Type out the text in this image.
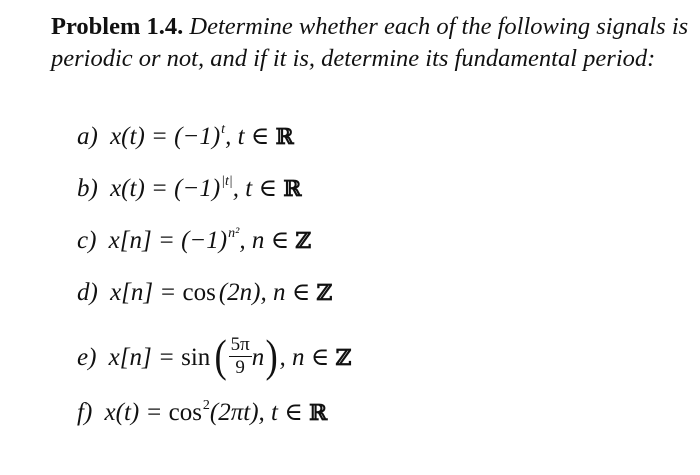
Problem 1.4. Determine whether each of the following signals is periodic or not, and if it is, determine its fundamental period:
a) $x(t) = (-1)^t$, t ∈ ℝ
b) $x(t) = (-1)^{|t|}$, t ∈ ℝ
c) $x[n] = (-1)^{n^2}$, n ∈ ℤ
d) x[n] = cos (2n), n ∈ ℤ
e) $x[n] = \sin( \frac{5\pi}{9} n)$, n ∈ ℤ
f) $x(t) = \cos^2(2\pi t)$, t ∈ ℝ
